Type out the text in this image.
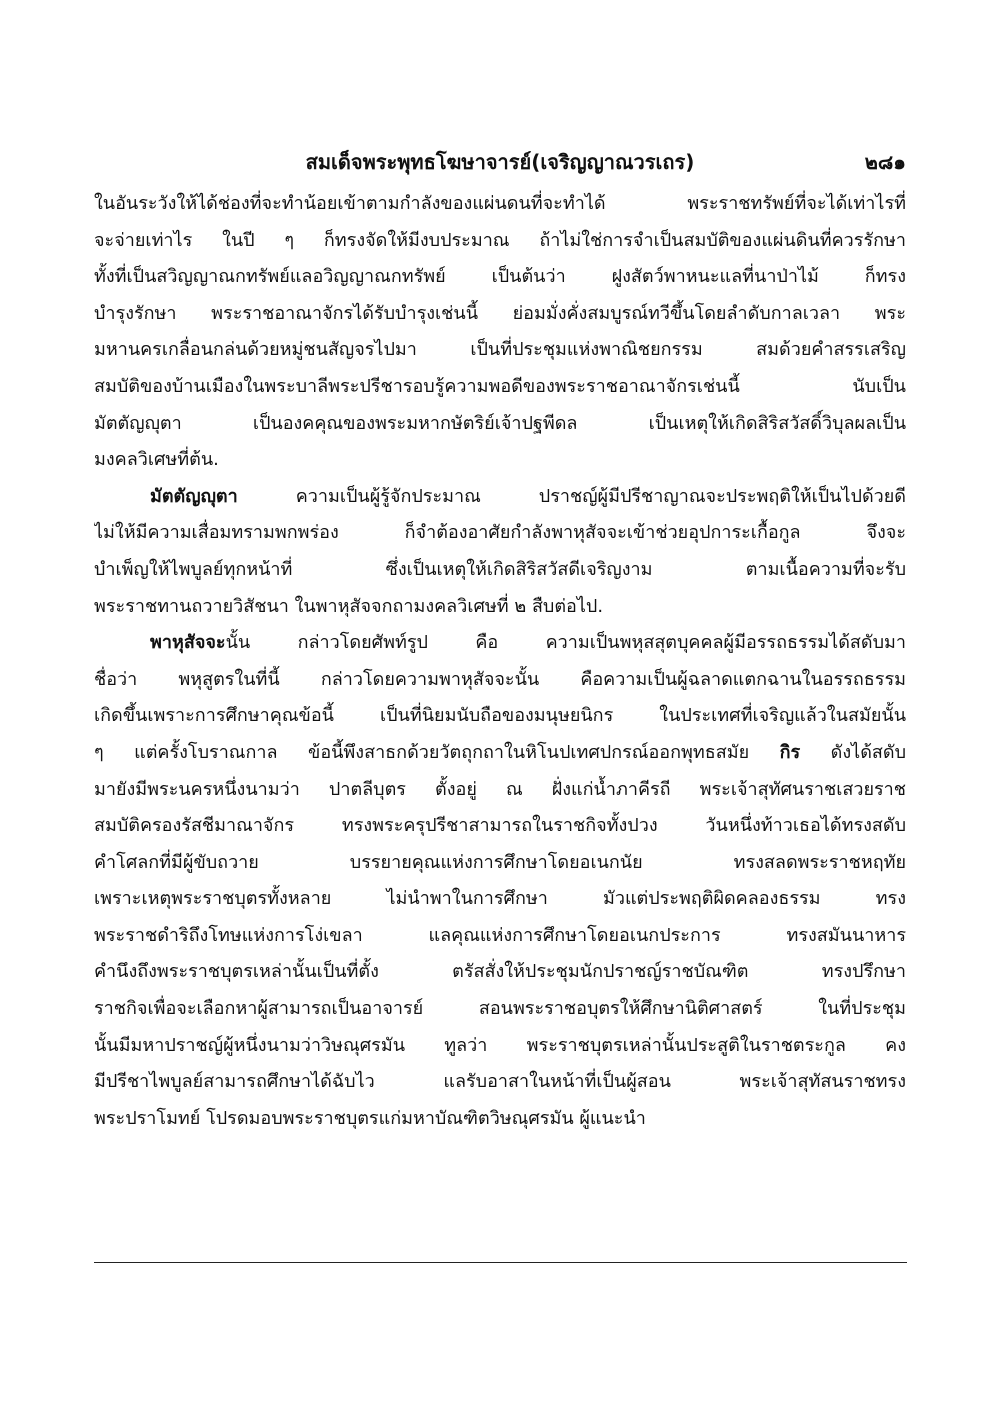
สมเด็จพระพุทธโฆษาจารย์(เจริญญาณวรเถร)	๒๘๑
ในอันระวังให้ได้ช่องที่จะทำน้อยเข้าตามกำลังของแผ่นดนที่จะทำได้ พระราชทรัพย์ที่จะได้เท่าไรที่
จะจ่ายเท่าไร ในปี ๆ ก็ทรงจัดให้มีงบประมาณ ถ้าไม่ใช่การจำเป็นสมบัติของแผ่นดินที่ควรรักษา
ทั้งที่เป็นสวิญญาณกทรัพย์แลอวิญญาณกทรัพย์ เป็นต้นว่า ฝูงสัตว์พาหนะแลที่นาป่าไม้ ก็ทรง
บำรุงรักษา พระราชอาณาจักรได้รับบำรุงเช่นนี้ ย่อมมั่งคั่งสมบูรณ์ทวีขึ้นโดยลำดับกาลเวลา พระ
มหานครเกลื่อนกล่นด้วยหมู่ชนสัญจรไปมา เป็นที่ประชุมแห่งพาณิชยกรรม สมด้วยคำสรรเสริญ
สมบัติของบ้านเมืองในพระบาลีพระปรีชารอบรู้ความพอดีของพระราชอาณาจักรเช่นนี้ นับเป็น
มัตตัญญุตา เป็นองคคุณของพระมหากษัตริย์เจ้าปฐพีดล เป็นเหตุให้เกิดสิริสวัสดิ์วิบุลผลเป็น
มงคลวิเศษที่ต้น.
มัตตัญญุตา ความเป็นผู้รู้จักประมาณ ปราชญ์ผู้มีปรีชาญาณจะประพฤติให้เป็นไปด้วยดี
ไม่ให้มีความเสื่อมทรามพกพร่อง ก็จำต้องอาศัยกำลังพาหุสัจจะเข้าช่วยอุปการะเกื้อกูล จึงจะ
บำเพ็ญให้ไพบูลย์ทุกหน้าที่ ซึ่งเป็นเหตุให้เกิดสิริสวัสดีเจริญงาม ตามเนื้อความที่จะรับ
พระราชทานถวายวิสัชนา ในพาหุสัจจกถามงคลวิเศษที่ ๒ สืบต่อไป.
พาหุสัจจะนั้น กล่าวโดยศัพท์รูป คือ ความเป็นพหุสสุตบุคคลผู้มีอรรถธรรมได้สดับมา
ชื่อว่า พหุสูตรในที่นี้ กล่าวโดยความพาหุสัจจะนั้น คือความเป็นผู้ฉลาดแตกฉานในอรรถธรรม
เกิดขึ้นเพราะการศึกษาคุณข้อนี้ เป็นที่นิยมนับถือของมนุษยนิกร ในประเทศที่เจริญแล้วในสมัยนั้น
ๆ แต่ครั้งโบราณกาล ข้อนี้พึงสาธกด้วยวัตถุกถาในหิโนปเทศปกรณ์ออกพุทธสมัย กิร ดังได้สดับ
มายังมีพระนครหนึ่งนามว่า ปาตลีบุตร ตั้งอยู่ ณ ฝั่งแก่น้ำภาคีรถี พระเจ้าสุทัศนราชเสวยราช
สมบัติครองรัสชีมาณาจักร ทรงพระครุปรีชาสามารถในราชกิจทั้งปวง วันหนึ่งท้าวเธอได้ทรงสดับ
คำโศลกที่มีผู้ขับถวาย บรรยายคุณแห่งการศึกษาโดยอเนกนัย ทรงสลดพระราชหฤทัย
เพราะเหตุพระราชบุตรทั้งหลาย ไม่นำพาในการศึกษา มัวแต่ประพฤติผิดคลองธรรม ทรง
พระราชดำริถึงโทษแห่งการโง่เขลา แลคุณแห่งการศึกษาโดยอเนกประการ ทรงสมันนาหาร
คำนึงถึงพระราชบุตรเหล่านั้นเป็นที่ตั้ง ตรัสสั่งให้ประชุมนักปราชญ์ราชบัณฑิต ทรงปรึกษา
ราชกิจเพื่อจะเลือกหาผู้สามารถเป็นอาจารย์ สอนพระราชอบุตรให้ศึกษานิติศาสตร์ ในที่ประชุม
นั้นมีมหาปราชญ์ผู้หนึ่งนามว่าวิษณุศรมัน ทูลว่า พระราชบุตรเหล่านั้นประสูติในราชตระกูล คง
มีปรีชาไพบูลย์สามารถศึกษาได้ฉับไว แลรับอาสาในหน้าที่เป็นผู้สอน พระเจ้าสุทัสนราชทรง
พระปราโมทย์ โปรดมอบพระราชบุตรแก่มหาบัณฑิตวิษณุศรมัน ผู้แนะนำ
